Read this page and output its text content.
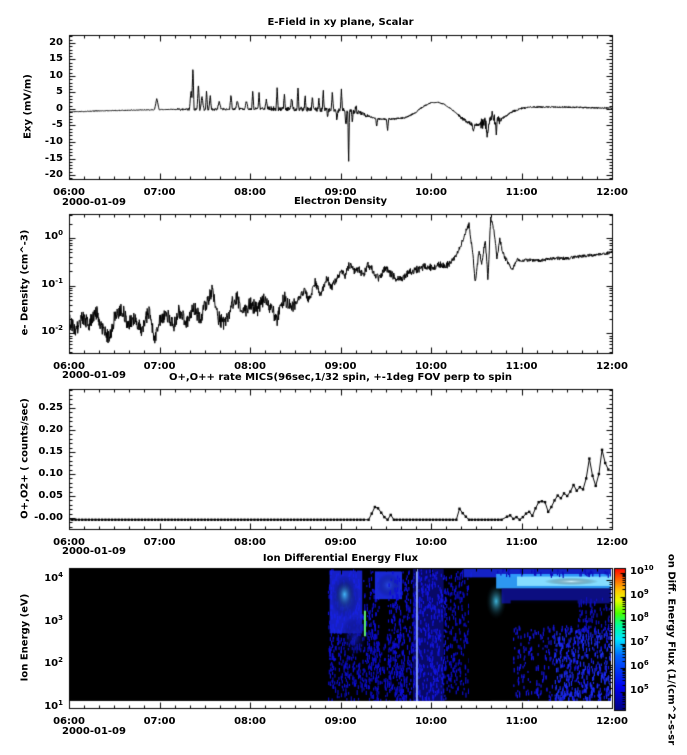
E-Field in xy plane, Scalar
Electron Density
O+,O++ rate MICS(96sec,1/32 spin, +-1deg FOV perp to spin
Ion Differential Energy Flux
Exy (mV/m)
e- Density (cm^-3)
O+,O2+ ( counts/sec)
Ion Energy (eV)
2000-01-09
2000-01-09
2000-01-09
2000-01-09	on Diff. Energy Flux (1/(cm^2-s-sr
06:00	07:00	08:00	09:00	10:00	11:00	12:00
20
15
10
5
0
-5
-10
-15
-20
06:00	07:00	08:00	09:00	10:00	11:00	12:00
$10^0$
$10^{-1}$
$10^{-2}$
06:00	07:00	08:00	09:00	10:00	11:00	12:00
0.25
0.20
0.15
0.10
0.05
-0.00
06:00	07:00	08:00	09:00	10:00	11:00	12:00
$10^4$
$10^3$
$10^2$
$10^1$
$10^{10}$
$10^9$
$10^8$
$10^7$
$10^6$
$10^5$
